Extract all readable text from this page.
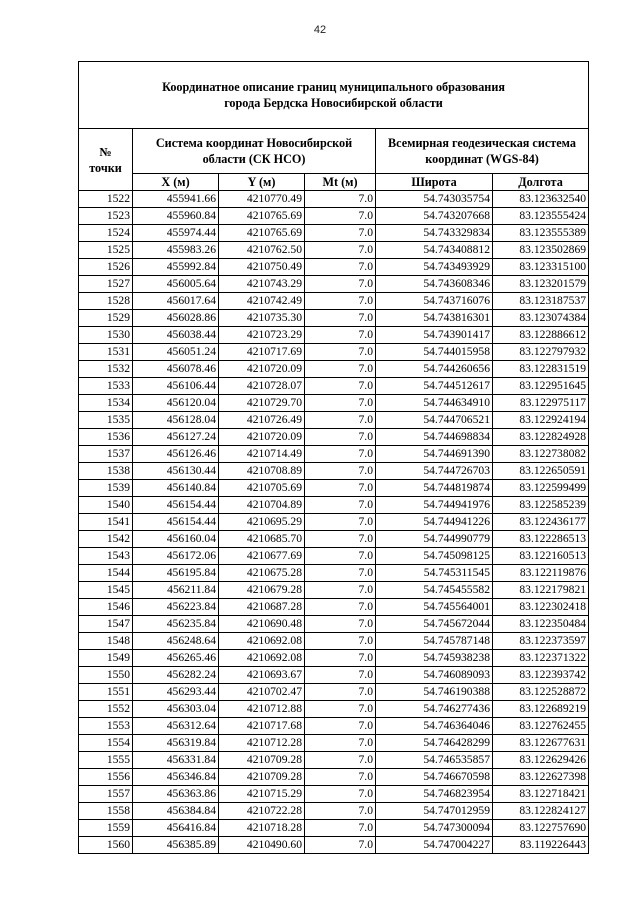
42
Координатное описание границ муниципального образования
города Бердска Новосибирской области					

№
точки	Система координат Новосибирской области (СК НСО)			Всемирная геодезическая система координат (WGS-84)	
	X (м)	Y (м)	Mt (м)	Широта	Долгота
1522	455941.66	4210770.49	7.0	54.743035754	83.123632540
1523	455960.84	4210765.69	7.0	54.743207668	83.123555424
1524	455974.44	4210765.69	7.0	54.743329834	83.123555389
1525	455983.26	4210762.50	7.0	54.743408812	83.123502869
1526	455992.84	4210750.49	7.0	54.743493929	83.123315100
1527	456005.64	4210743.29	7.0	54.743608346	83.123201579
1528	456017.64	4210742.49	7.0	54.743716076	83.123187537
1529	456028.86	4210735.30	7.0	54.743816301	83.123074384
1530	456038.44	4210723.29	7.0	54.743901417	83.122886612
1531	456051.24	4210717.69	7.0	54.744015958	83.122797932
1532	456078.46	4210720.09	7.0	54.744260656	83.122831519
1533	456106.44	4210728.07	7.0	54.744512617	83.122951645
1534	456120.04	4210729.70	7.0	54.744634910	83.122975117
1535	456128.04	4210726.49	7.0	54.744706521	83.122924194
1536	456127.24	4210720.09	7.0	54.744698834	83.122824928
1537	456126.46	4210714.49	7.0	54.744691390	83.122738082
1538	456130.44	4210708.89	7.0	54.744726703	83.122650591
1539	456140.84	4210705.69	7.0	54.744819874	83.122599499
1540	456154.44	4210704.89	7.0	54.744941976	83.122585239
1541	456154.44	4210695.29	7.0	54.744941226	83.122436177
1542	456160.04	4210685.70	7.0	54.744990779	83.122286513
1543	456172.06	4210677.69	7.0	54.745098125	83.122160513
1544	456195.84	4210675.28	7.0	54.745311545	83.122119876
1545	456211.84	4210679.28	7.0	54.745455582	83.122179821
1546	456223.84	4210687.28	7.0	54.745564001	83.122302418
1547	456235.84	4210690.48	7.0	54.745672044	83.122350484
1548	456248.64	4210692.08	7.0	54.745787148	83.122373597
1549	456265.46	4210692.08	7.0	54.745938238	83.122371322
1550	456282.24	4210693.67	7.0	54.746089093	83.122393742
1551	456293.44	4210702.47	7.0	54.746190388	83.122528872
1552	456303.04	4210712.88	7.0	54.746277436	83.122689219
1553	456312.64	4210717.68	7.0	54.746364046	83.122762455
1554	456319.84	4210712.28	7.0	54.746428299	83.122677631
1555	456331.84	4210709.28	7.0	54.746535857	83.122629426
1556	456346.84	4210709.28	7.0	54.746670598	83.122627398
1557	456363.86	4210715.29	7.0	54.746823954	83.122718421
1558	456384.84	4210722.28	7.0	54.747012959	83.122824127
1559	456416.84	4210718.28	7.0	54.747300094	83.122757690
1560	456385.89	4210490.60	7.0	54.747004227	83.119226443
